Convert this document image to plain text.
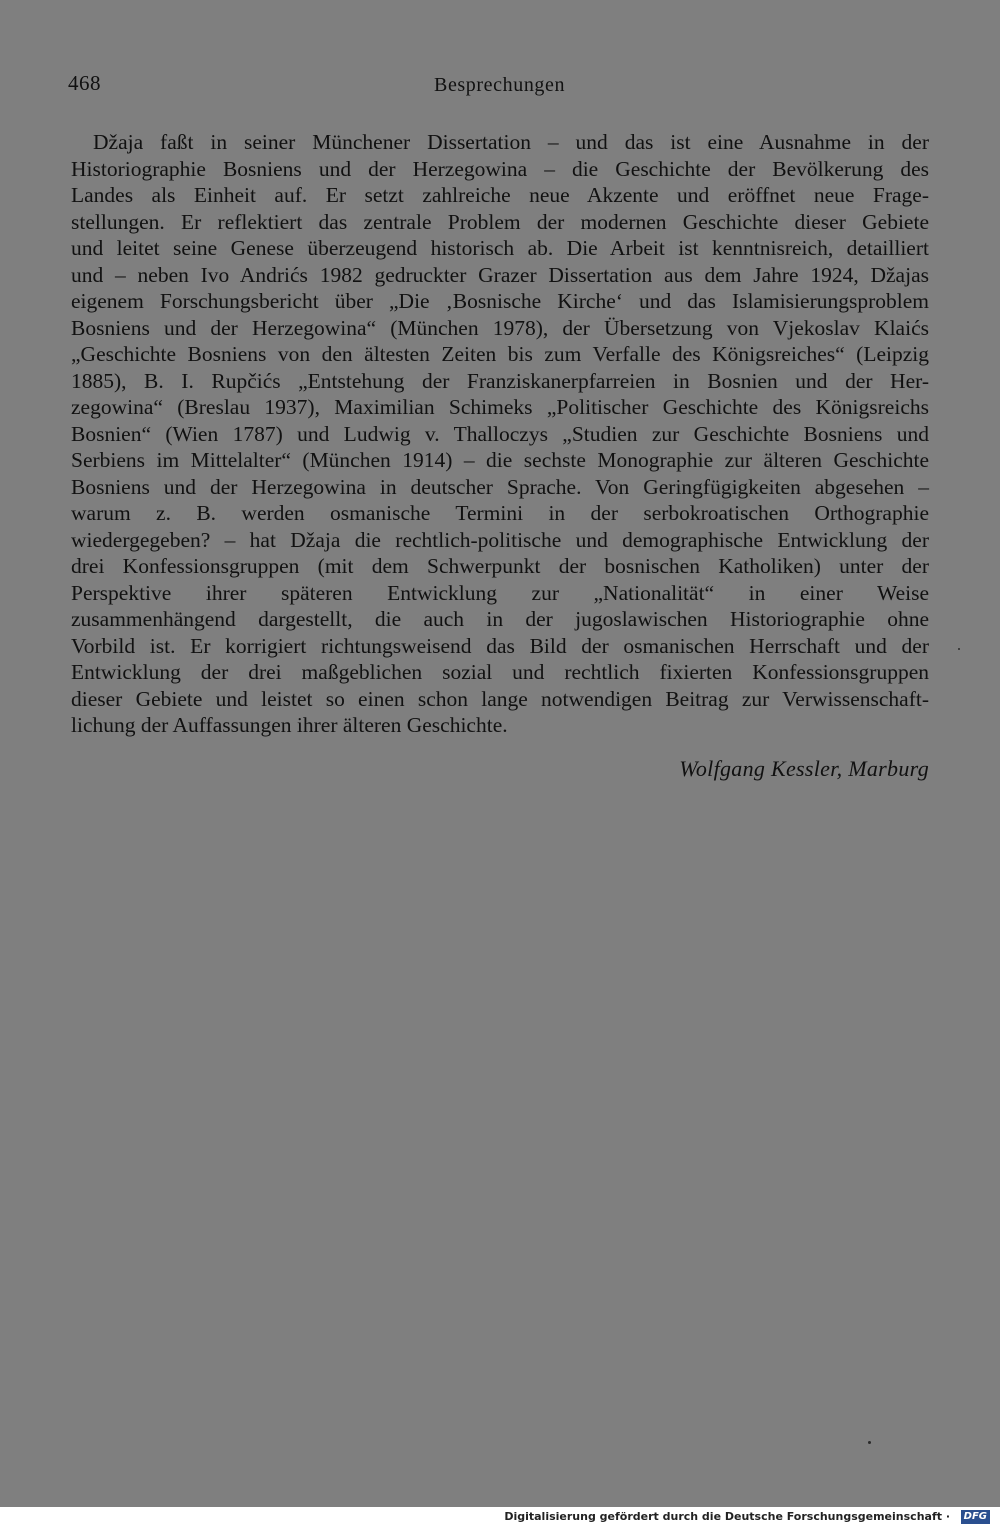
468	Besprechungen
Džaja faßt in seiner Münchener Dissertation – und das ist eine Ausnahme in der
Historiographie Bosniens und der Herzegowina – die Geschichte der Bevölkerung des
Landes als Einheit auf. Er setzt zahlreiche neue Akzente und eröffnet neue Frage-
stellungen. Er reflektiert das zentrale Problem der modernen Geschichte dieser Gebiete
und leitet seine Genese überzeugend historisch ab. Die Arbeit ist kenntnisreich, detailliert
und – neben Ivo Andrićs 1982 gedruckter Grazer Dissertation aus dem Jahre 1924, Džajas
eigenem Forschungsbericht über „Die ‚Bosnische Kirche‘ und das Islamisierungsproblem
Bosniens und der Herzegowina“ (München 1978), der Übersetzung von Vjekoslav Klaićs
„Geschichte Bosniens von den ältesten Zeiten bis zum Verfalle des Königsreiches“ (Leipzig
1885), B. I. Rupčićs „Entstehung der Franziskanerpfarreien in Bosnien und der Her-
zegowina“ (Breslau 1937), Maximilian Schimeks „Politischer Geschichte des Königsreichs
Bosnien“ (Wien 1787) und Ludwig v. Thalloczys „Studien zur Geschichte Bosniens und
Serbiens im Mittelalter“ (München 1914) – die sechste Monographie zur älteren Geschichte
Bosniens und der Herzegowina in deutscher Sprache. Von Geringfügigkeiten abgesehen –
warum z. B. werden osmanische Termini in der serbokroatischen Orthographie
wiedergegeben? – hat Džaja die rechtlich-politische und demographische Entwicklung der
drei Konfessionsgruppen (mit dem Schwerpunkt der bosnischen Katholiken) unter der
Perspektive ihrer späteren Entwicklung zur „Nationalität“ in einer Weise
zusammenhängend dargestellt, die auch in der jugoslawischen Historiographie ohne
Vorbild ist. Er korrigiert richtungsweisend das Bild der osmanischen Herrschaft und der
Entwicklung der drei maßgeblichen sozial und rechtlich fixierten Konfessionsgruppen
dieser Gebiete und leistet so einen schon lange notwendigen Beitrag zur Verwissenschaft-
lichung der Auffassungen ihrer älteren Geschichte.
Wolfgang Kessler, Marburg
Digitalisierung gefördert durch die Deutsche Forschungsgemeinschaft ·	DFG
